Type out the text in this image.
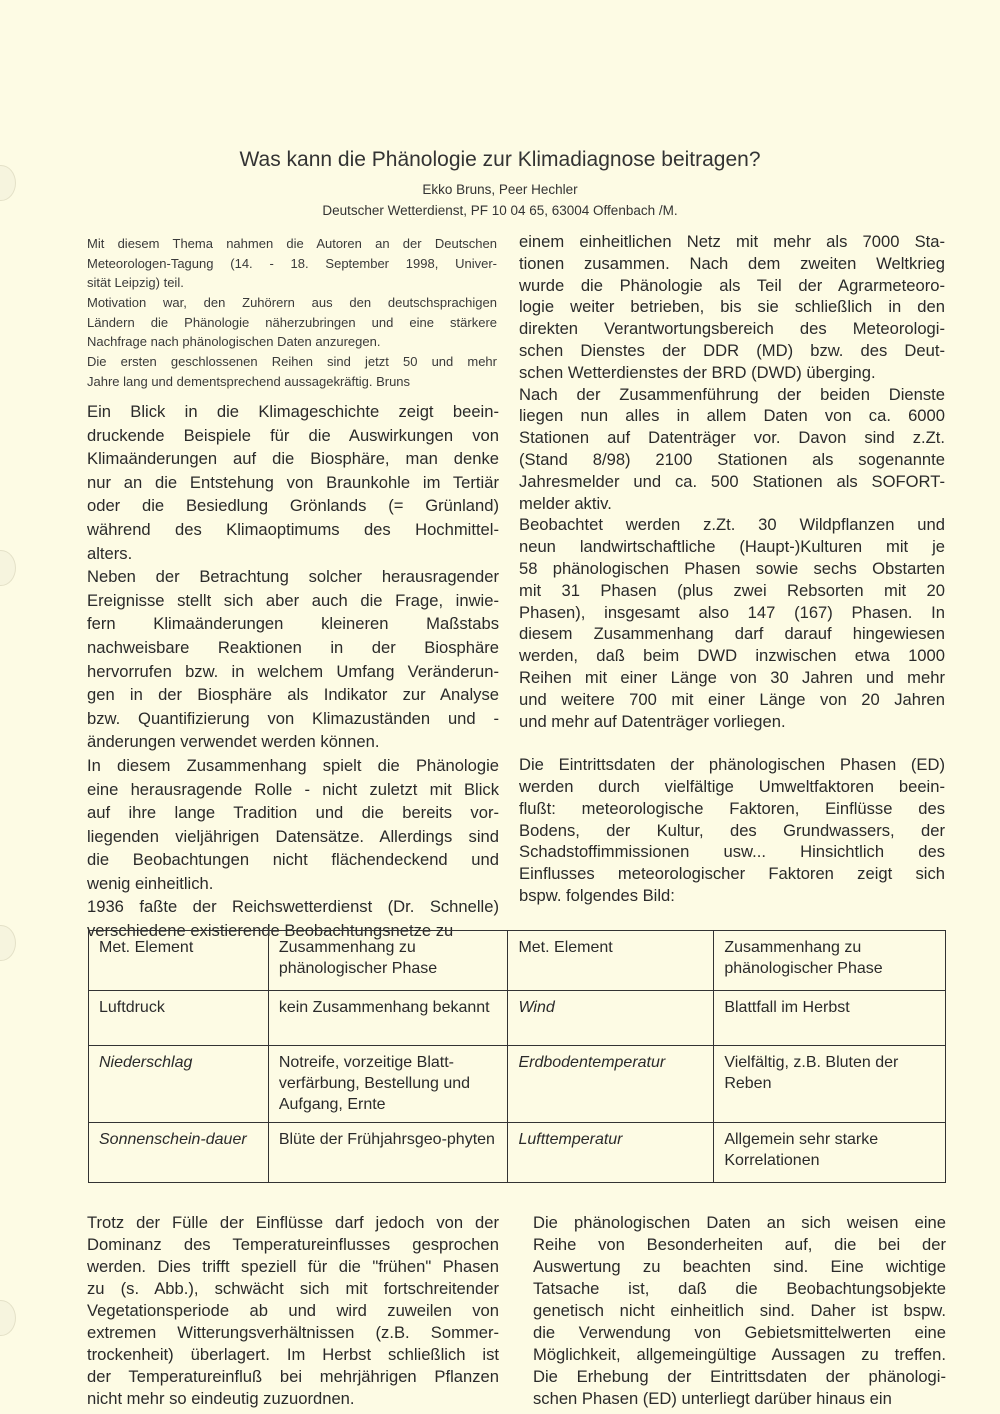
Was kann die Phänologie zur Klimadiagnose beitragen?
Ekko Bruns, Peer Hechler
Deutscher Wetterdienst, PF 10 04 65, 63004 Offenbach /M.
Mit diesem Thema nahmen die Autoren an der Deutschen
Meteorologen-Tagung (14. - 18. September 1998, Univer-
sität Leipzig) teil.
Motivation war, den Zuhörern aus den deutschsprachigen
Ländern die Phänologie näherzubringen und eine stärkere
Nachfrage nach phänologischen Daten anzuregen.
Die ersten geschlossenen Reihen sind jetzt 50 und mehr
Jahre lang und dementsprechend aussagekräftig. Bruns
Ein Blick in die Klimageschichte zeigt beein-
druckende Beispiele für die Auswirkungen von
Klimaänderungen auf die Biosphäre, man denke
nur an die Entstehung von Braunkohle im Tertiär
oder die Besiedlung Grönlands (= Grünland)
während des Klimaoptimums des Hochmittel-
alters.
Neben der Betrachtung solcher herausragender
Ereignisse stellt sich aber auch die Frage, inwie-
fern Klimaänderungen kleineren Maßstabs
nachweisbare Reaktionen in der Biosphäre
hervorrufen bzw. in welchem Umfang Veränderun-
gen in der Biosphäre als Indikator zur Analyse
bzw. Quantifizierung von Klimazuständen und -
änderungen verwendet werden können.
In diesem Zusammenhang spielt die Phänologie
eine herausragende Rolle - nicht zuletzt mit Blick
auf ihre lange Tradition und die bereits vor-
liegenden vieljährigen Datensätze. Allerdings sind
die Beobachtungen nicht flächendeckend und
wenig einheitlich.
1936 faßte der Reichswetterdienst (Dr. Schnelle)
verschiedene existierende Beobachtungsnetze zu
einem einheitlichen Netz mit mehr als 7000 Sta-
tionen zusammen. Nach dem zweiten Weltkrieg
wurde die Phänologie als Teil der Agrarmeteoro-
logie weiter betrieben, bis sie schließlich in den
direkten Verantwortungsbereich des Meteorologi-
schen Dienstes der DDR (MD) bzw. des Deut-
schen Wetterdienstes der BRD (DWD) überging.
Nach der Zusammenführung der beiden Dienste
liegen nun alles in allem Daten von ca. 6000
Stationen auf Datenträger vor. Davon sind z.Zt.
(Stand 8/98) 2100 Stationen als sogenannte
Jahresmelder und ca. 500 Stationen als SOFORT-
melder aktiv.
Beobachtet werden z.Zt. 30 Wildpflanzen und
neun landwirtschaftliche (Haupt-)Kulturen mit je
58 phänologischen Phasen sowie sechs Obstarten
mit 31 Phasen (plus zwei Rebsorten mit 20
Phasen), insgesamt also 147 (167) Phasen. In
diesem Zusammenhang darf darauf hingewiesen
werden, daß beim DWD inzwischen etwa 1000
Reihen mit einer Länge von 30 Jahren und mehr
und weitere 700 mit einer Länge von 20 Jahren
und mehr auf Datenträger vorliegen.

Die Eintrittsdaten der phänologischen Phasen (ED)
werden durch vielfältige Umweltfaktoren beein-
flußt: meteorologische Faktoren, Einflüsse des
Bodens, der Kultur, des Grundwassers, der
Schadstoffimmissionen usw... Hinsichtlich des
Einflusses meteorologischer Faktoren zeigt sich
bspw. folgendes Bild:
Met. Element	Zusammenhang zu phänologischer Phase	Met. Element	Zusammenhang zu phänologischer Phase
Luftdruck	kein Zusammenhang bekannt	Wind	Blattfall im Herbst
Niederschlag	Notreife, vorzeitige Blatt-verfärbung, Bestellung und Aufgang, Ernte	Erdbodentemperatur	Vielfältig, z.B. Bluten der Reben
Sonnenschein-dauer	Blüte der Frühjahrsgeo-phyten	Lufttemperatur	Allgemein sehr starke Korrelationen
Trotz der Fülle der Einflüsse darf jedoch von der
Dominanz des Temperatureinflusses gesprochen
werden. Dies trifft speziell für die "frühen" Phasen
zu (s. Abb.), schwächt sich mit fortschreitender
Vegetationsperiode ab und wird zuweilen von
extremen Witterungsverhältnissen (z.B. Sommer-
trockenheit) überlagert. Im Herbst schließlich ist
der Temperatureinfluß bei mehrjährigen Pflanzen
nicht mehr so eindeutig zuzuordnen.
Die phänologischen Daten an sich weisen eine
Reihe von Besonderheiten auf, die bei der
Auswertung zu beachten sind. Eine wichtige
Tatsache ist, daß die Beobachtungsobjekte
genetisch nicht einheitlich sind. Daher ist bspw.
die Verwendung von Gebietsmittelwerten eine
Möglichkeit, allgemeingültige Aussagen zu treffen.
Die Erhebung der Eintrittsdaten der phänologi-
schen Phasen (ED) unterliegt darüber hinaus ein
